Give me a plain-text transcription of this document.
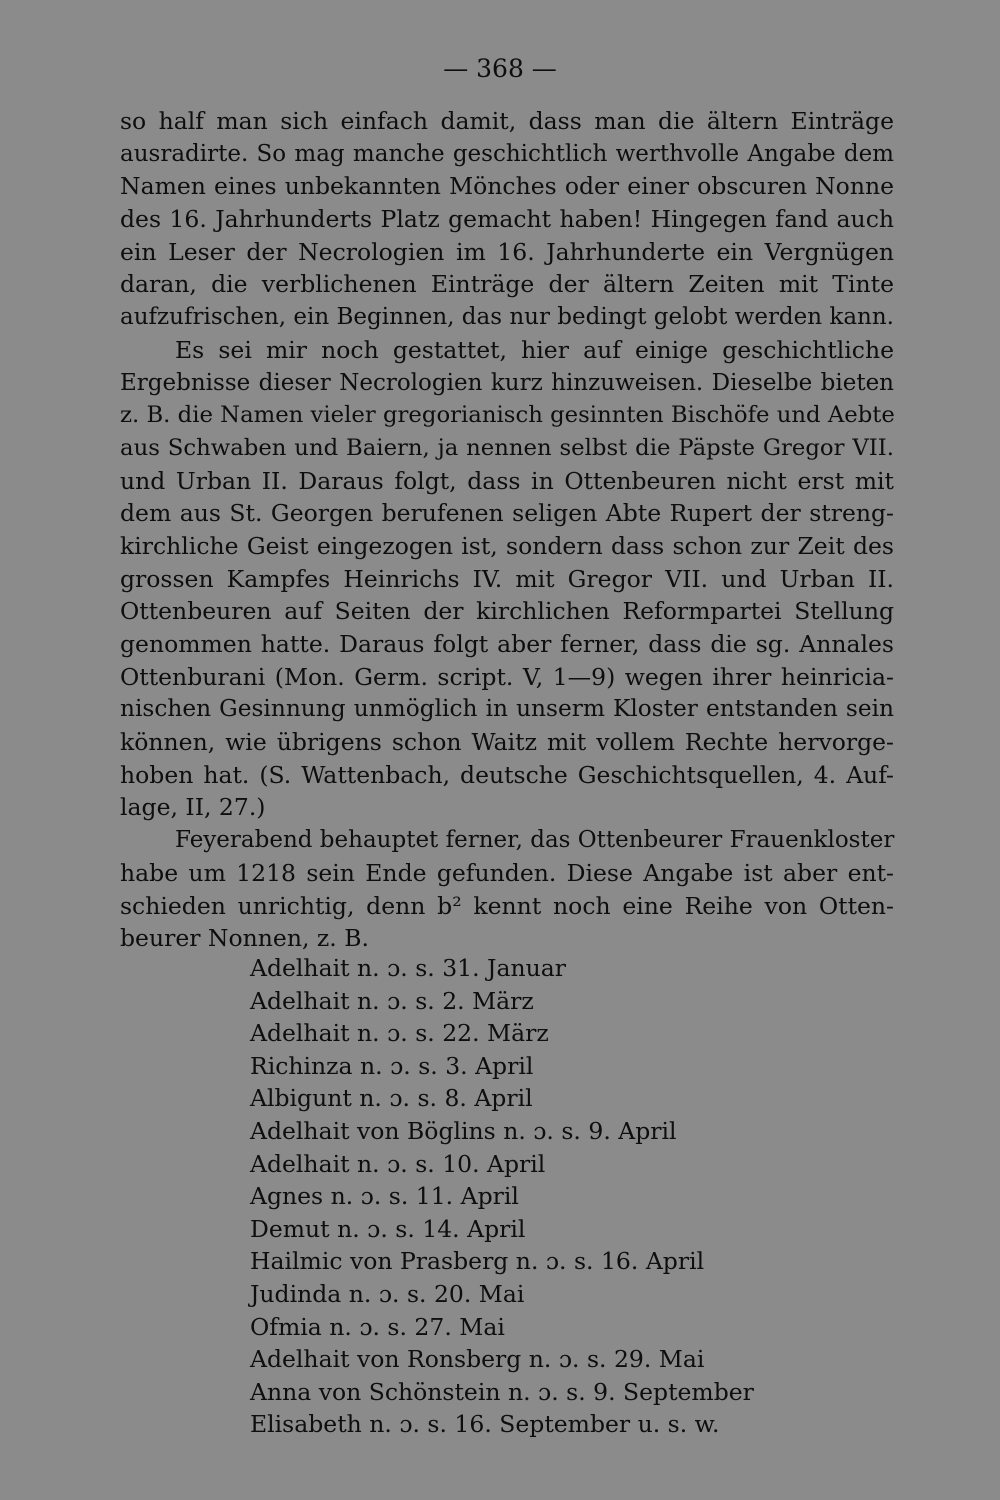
— 368 —
so half man sich einfach damit, dass man die ältern Einträge
ausradirte. So mag manche geschichtlich werthvolle Angabe dem
Namen eines unbekannten Mönches oder einer obscuren Nonne
des 16. Jahrhunderts Platz gemacht haben! Hingegen fand auch
ein Leser der Necrologien im 16. Jahrhunderte ein Vergnügen
daran, die verblichenen Einträge der ältern Zeiten mit Tinte
aufzufrischen, ein Beginnen, das nur bedingt gelobt werden kann.
Es sei mir noch gestattet, hier auf einige geschichtliche
Ergebnisse dieser Necrologien kurz hinzuweisen. Dieselbe bieten
z. B. die Namen vieler gregorianisch gesinnten Bischöfe und Aebte
aus Schwaben und Baiern, ja nennen selbst die Päpste Gregor VII.
und Urban II. Daraus folgt, dass in Ottenbeuren nicht erst mit
dem aus St. Georgen berufenen seligen Abte Rupert der streng-
kirchliche Geist eingezogen ist, sondern dass schon zur Zeit des
grossen Kampfes Heinrichs IV. mit Gregor VII. und Urban II.
Ottenbeuren auf Seiten der kirchlichen Reformpartei Stellung
genommen hatte. Daraus folgt aber ferner, dass die sg. Annales
Ottenburani (Mon. Germ. script. V, 1—9) wegen ihrer heinricia-
nischen Gesinnung unmöglich in unserm Kloster entstanden sein
können, wie übrigens schon Waitz mit vollem Rechte hervorge-
hoben hat. (S. Wattenbach, deutsche Geschichtsquellen, 4. Auf-
lage, II, 27.)
Feyerabend behauptet ferner, das Ottenbeurer Frauenkloster
habe um 1218 sein Ende gefunden. Diese Angabe ist aber ent-
schieden unrichtig, denn b² kennt noch eine Reihe von Otten-
beurer Nonnen, z. B.
Adelhait n. ɔ. s. 31. Januar
Adelhait n. ɔ. s. 2. März
Adelhait n. ɔ. s. 22. März
Richinza n. ɔ. s. 3. April
Albigunt n. ɔ. s. 8. April
Adelhait von Böglins n. ɔ. s. 9. April
Adelhait n. ɔ. s. 10. April
Agnes n. ɔ. s. 11. April
Demut n. ɔ. s. 14. April
Hailmic von Prasberg n. ɔ. s. 16. April
Judinda n. ɔ. s. 20. Mai
Ofmia n. ɔ. s. 27. Mai
Adelhait von Ronsberg n. ɔ. s. 29. Mai
Anna von Schönstein n. ɔ. s. 9. September
Elisabeth n. ɔ. s. 16. September u. s. w.
